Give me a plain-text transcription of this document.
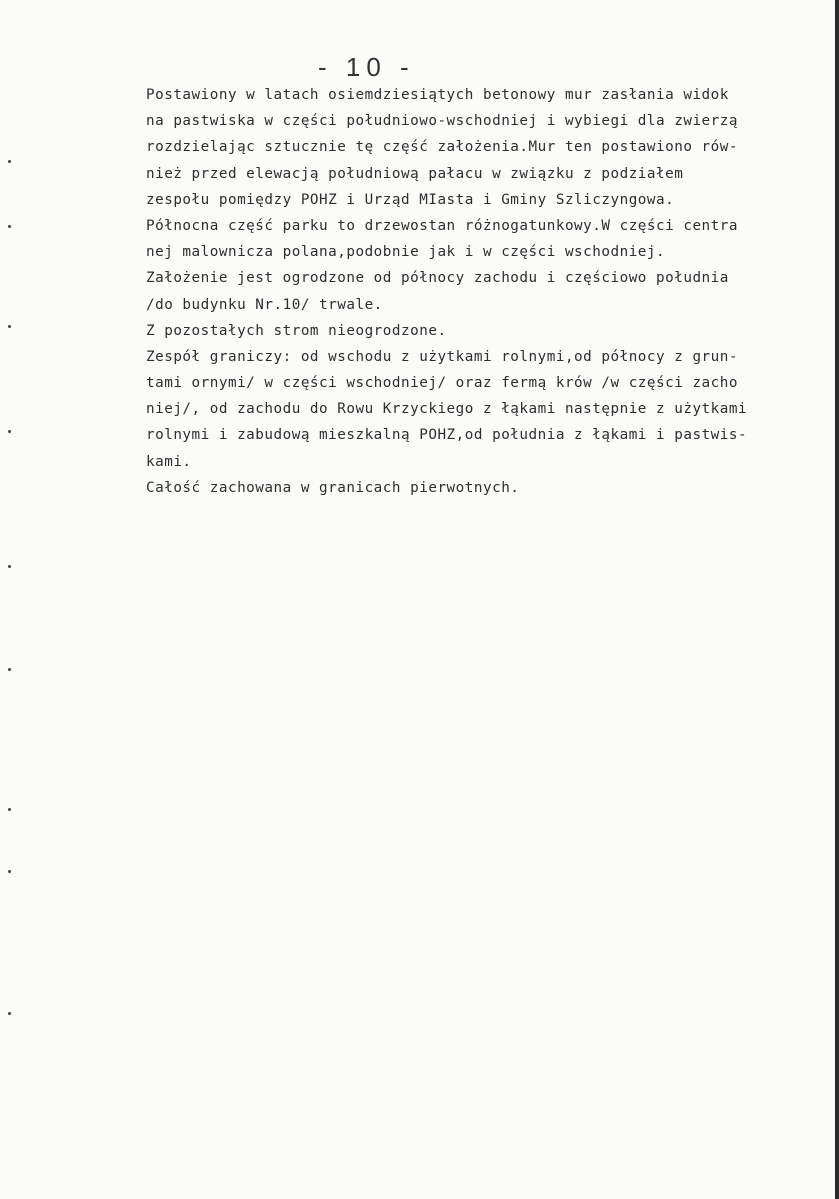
- 10 -
Postawiony w latach osiemdziesiątych betonowy mur zasłania widok
na pastwiska w części południowo-wschodniej i wybiegi dla zwierzą
rozdzielając sztucznie tę część założenia.Mur ten postawiono rów-
nież przed elewacją południową pałacu w związku z podziałem
zespołu pomiędzy POHZ i Urząd MIasta i Gminy Szliczyngowa.
Północna część parku to drzewostan różnogatunkowy.W części centra
nej malownicza polana,podobnie jak i w części wschodniej.
Założenie jest ogrodzone od północy zachodu i częściowo południa
/do budynku Nr.10/ trwale.
Z pozostałych strom nieogrodzone.
Zespół graniczy: od wschodu z użytkami rolnymi,od północy z grun-
tami ornymi/ w części wschodniej/ oraz fermą krów /w części zacho
niej/, od zachodu do Rowu Krzyckiego z łąkami następnie z użytkami
rolnymi i zabudową mieszkalną POHZ,od południa z łąkami i pastwis-
kami.
Całość zachowana w granicach pierwotnych.
